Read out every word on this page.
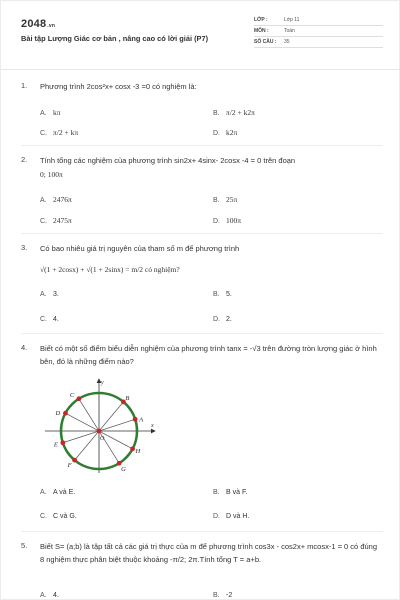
2048.vn
Bài tập Lượng Giác cơ bản , nâng cao có lời giải (P7)
LỚP :	Lớp 11
MÔN :	Toán
SỐ CÂU : 35
1. Phương trình 2cos²x+ cosx -3 =0 có nghiệm là:
A. kπ	B. π/2 + k2π
C. π/2 + kπ	D. k2π
2. Tính tổng các nghiệm của phương trình sin2x+ 4sinx- 2cosx -4 = 0 trên đoạn
0; 100π
A. 2476π	B. 25π
C. 2475π	D. 100π
3. Có bao nhiêu giá trị nguyên của tham số m để phương trình
√(1 + 2cosx) + √(1 + 2sinx) = m/2 có nghiệm?
A. 3.	B. 5.
C. 4.	D. 2.
4. Biết có một số điểm biểu diễn nghiệm của phương trình tanx = -√3 trên đường tròn lượng giác ở hình bên, đó là những điểm nào?
A. A và E.	B. B và F.
C. C và G.	D. D và H.
x
y
A
B
C
D
E
F
G
H
O
5. Biết S= (a;b) là tập tất cả các giá trị thực của m để phương trình cos3x - cos2x+ mcosx-1 = 0 có đúng 8 nghiệm thực phân biệt thuộc khoảng -π/2; 2π.Tính tổng T = a+b.
A. 4.	B. -2
